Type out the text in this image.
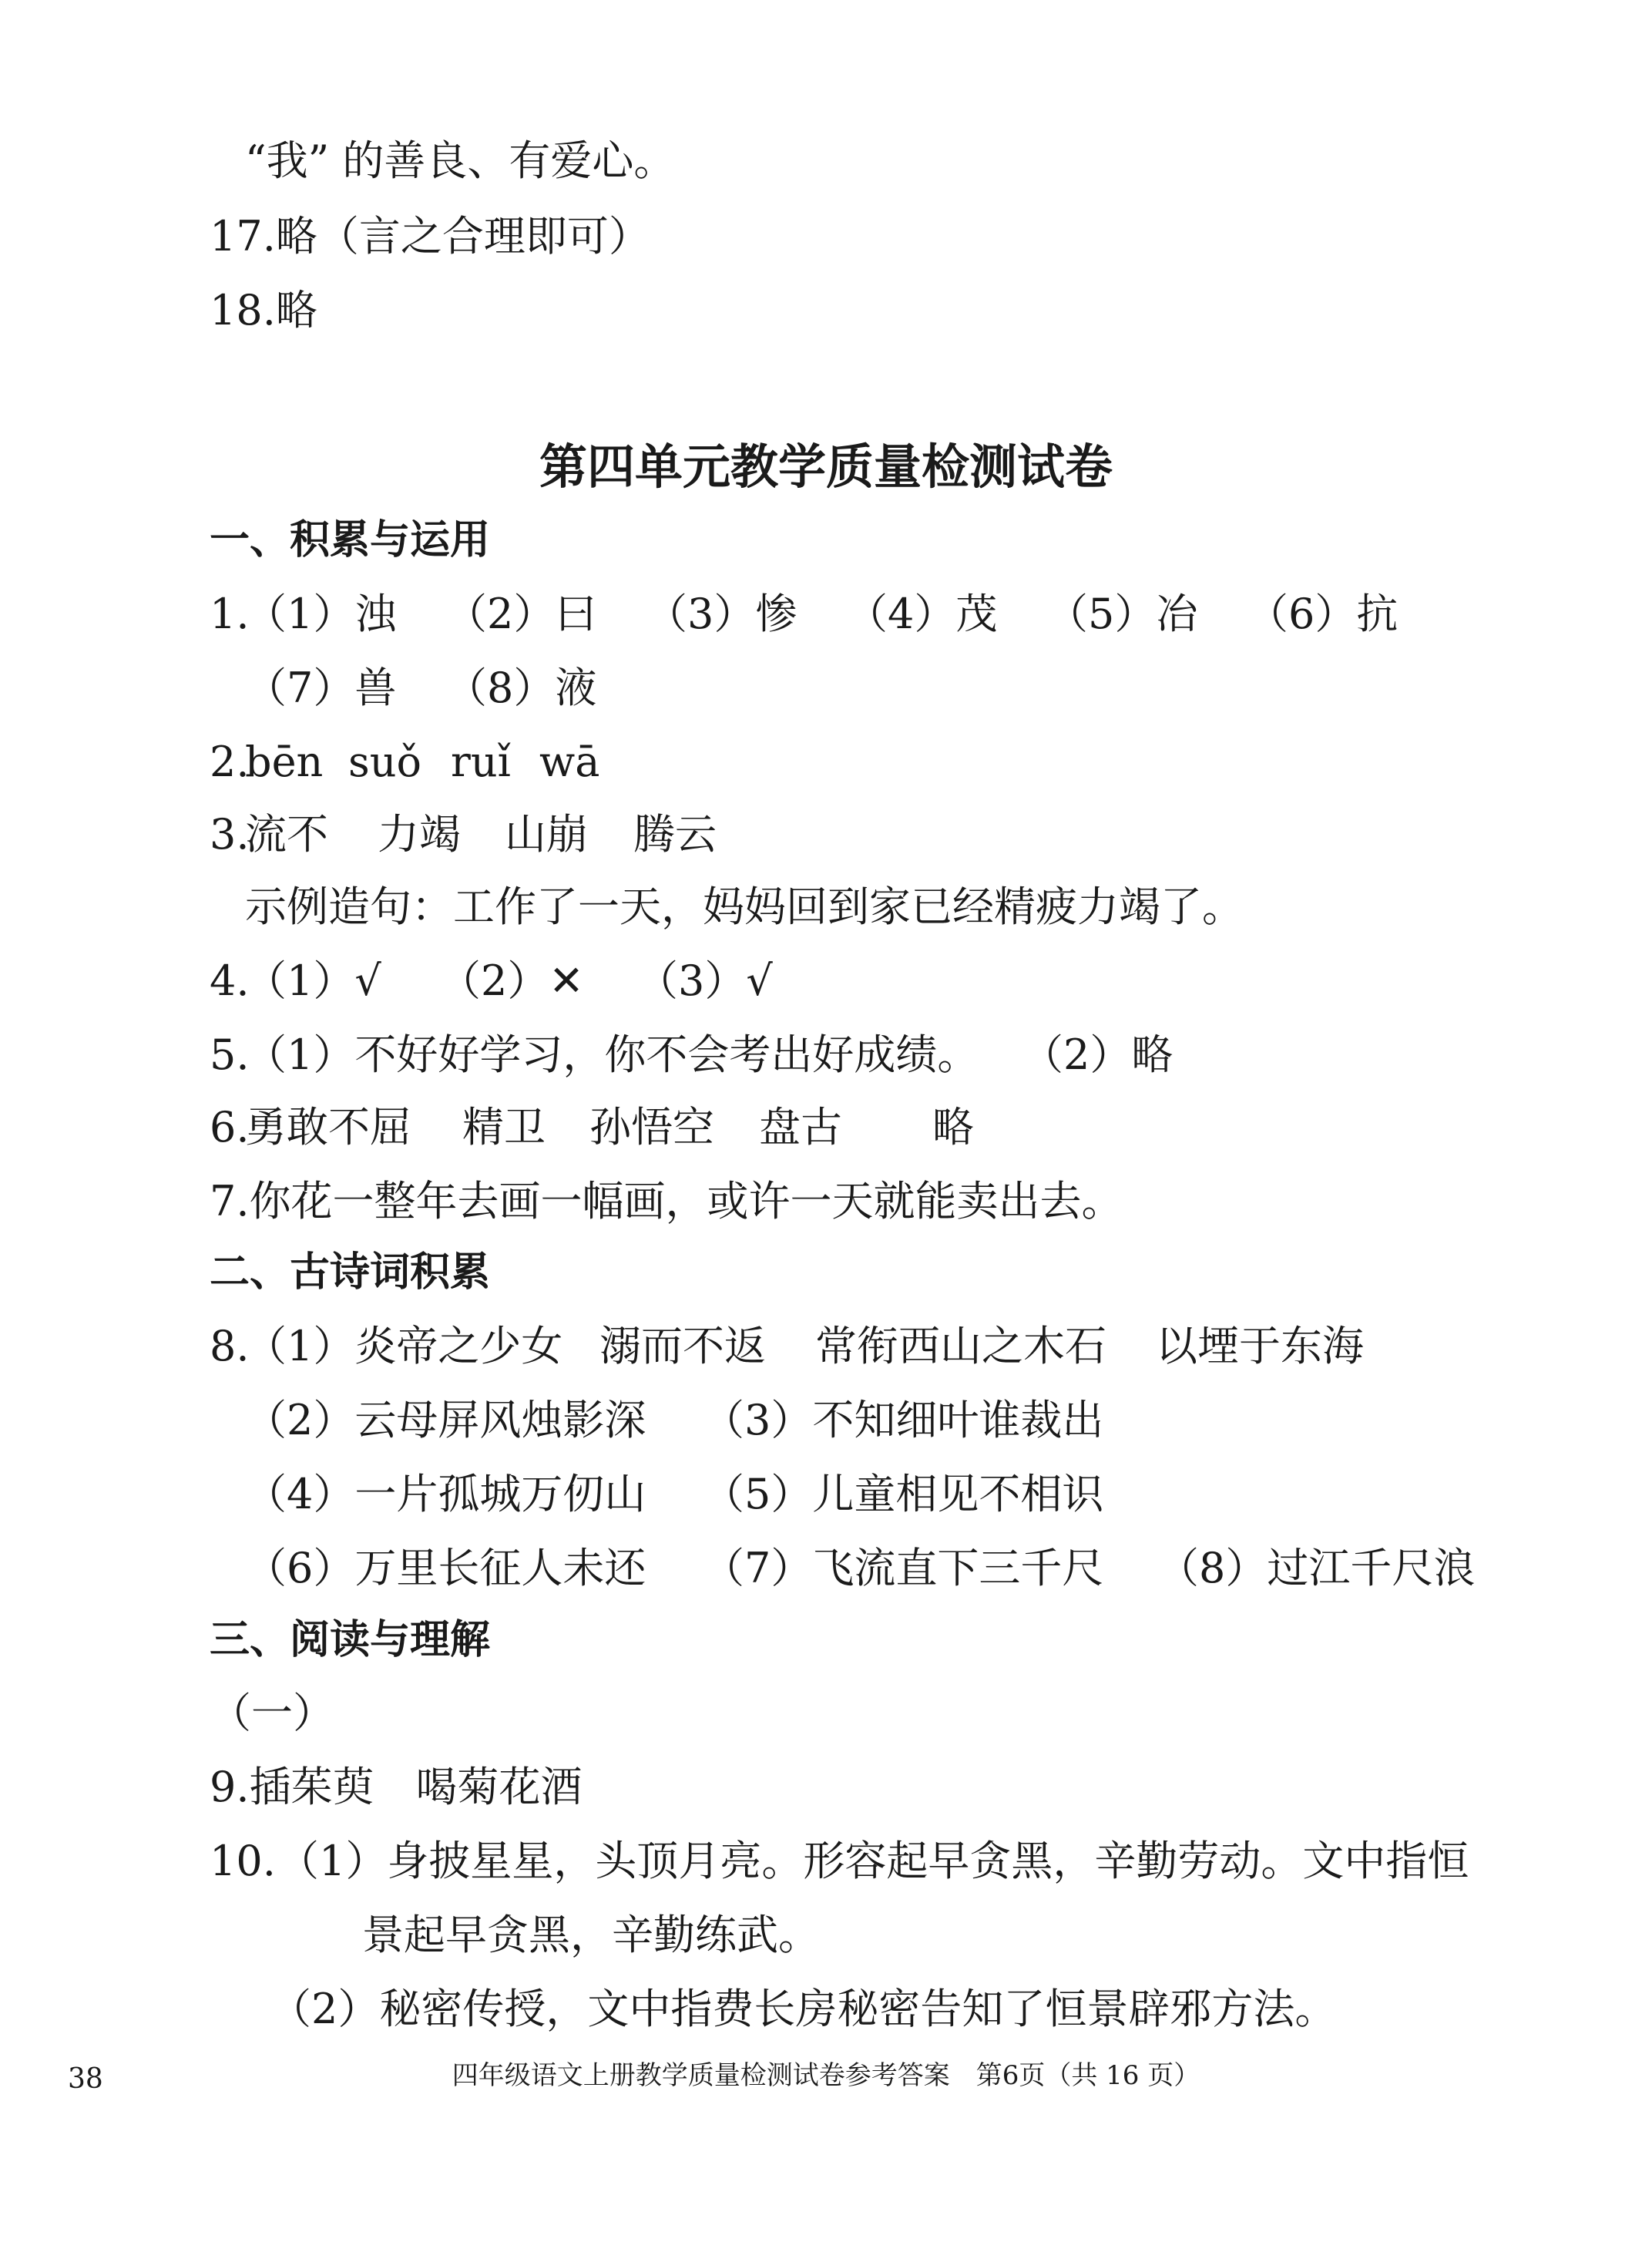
“我” 的善良、有爱心。
17.略（言之合理即可）
18.略
第四单元教学质量检测试卷
一、积累与运用
1.
（1）浊 （2）曰 （3）惨 （4）茂 （5）冶 （6）抗
（7）兽 （8）液
2.
bēn suǒ ruǐ wā
3.
流不 力竭 山崩 腾云
示例造句：工作了一天，妈妈回到家已经精疲力竭了。
4.
（1）√ （2）✕ （3）√
5.
（1）不好好学习，你不会考出好成绩。 （2）略
6.
勇敢不屈 精卫 孙悟空 盘古 略
7.你花一整年去画一幅画，或许一天就能卖出去。
二、古诗词积累
8.
（1）炎帝之少女 溺而不返 常衔西山之木石 以堙于东海
（2）云母屏风烛影深 （3）不知细叶谁裁出
（4）一片孤城万仞山 （5）儿童相见不相识
（6）万里长征人未还 （7）飞流直下三千尺 （8）过江千尺浪
三、阅读与理解
（一）
9.插茱萸　喝菊花酒
10. （1）身披星星，头顶月亮。形容起早贪黑，辛勤劳动。文中指恒
景起早贪黑，辛勤练武。
（2）秘密传授，文中指费长房秘密告知了恒景辟邪方法。
38	四年级语文上册教学质量检测试卷参考答案　第6页（共 16 页）
